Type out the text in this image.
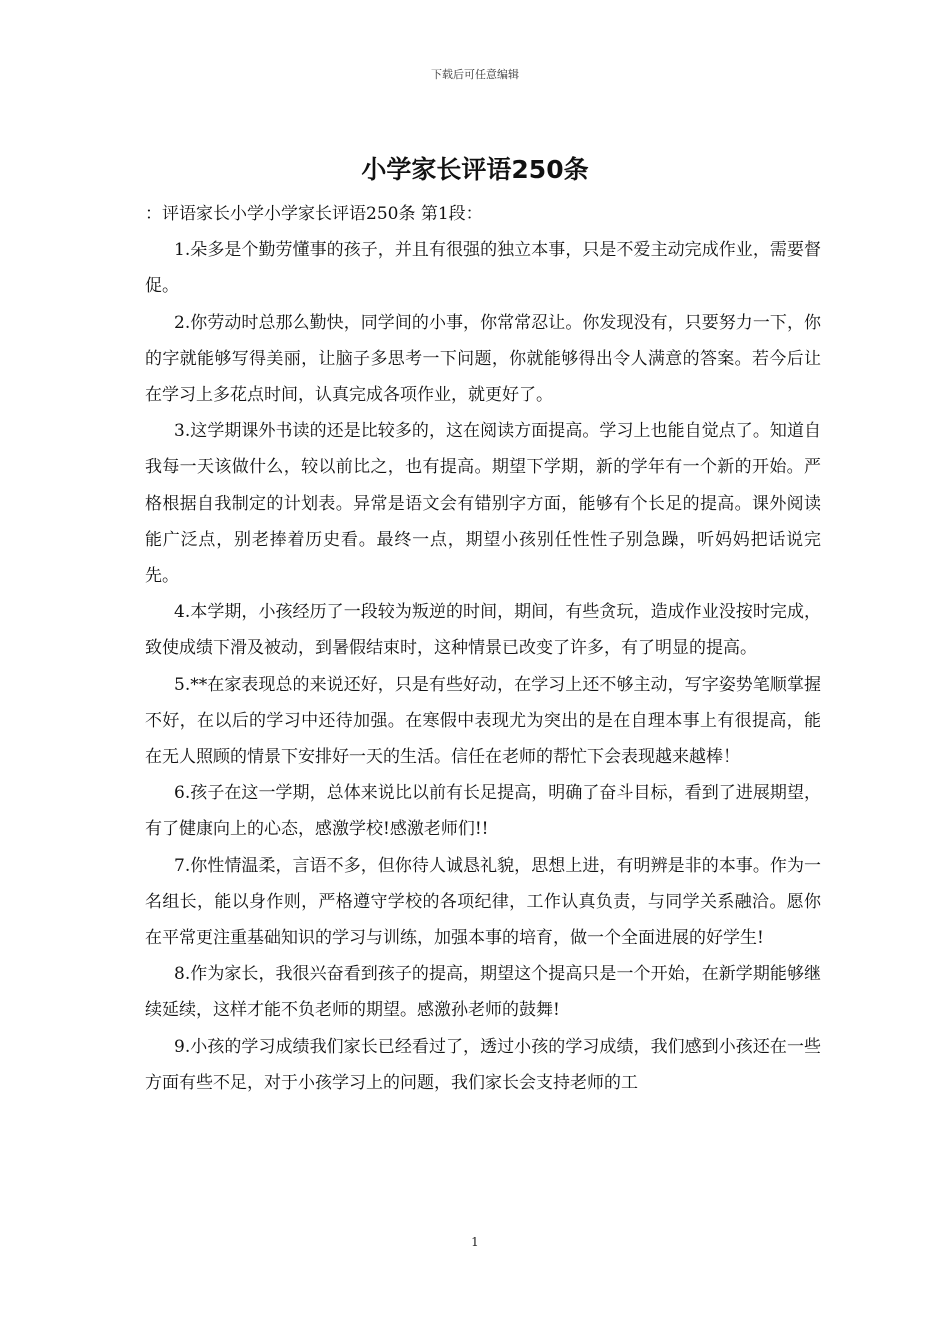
下载后可任意编辑
小学家长评语250条

：评语家长小学小学家长评语250条 第1段：

1.朵多是个勤劳懂事的孩子，并且有很强的独立本事，只是不爱主动完成作业，需要督促。

2.你劳动时总那么勤快，同学间的小事，你常常忍让。你发现没有，只要努力一下，你的字就能够写得美丽，让脑子多思考一下问题，你就能够得出令人满意的答案。若今后让在学习上多花点时间，认真完成各项作业，就更好了。

3.这学期课外书读的还是比较多的，这在阅读方面提高。学习上也能自觉点了。知道自我每一天该做什么，较以前比之，也有提高。期望下学期，新的学年有一个新的开始。严格根据自我制定的计划表。异常是语文会有错别字方面，能够有个长足的提高。课外阅读能广泛点，别老捧着历史看。最终一点，期望小孩别任性性子别急躁，听妈妈把话说完先。

4.本学期，小孩经历了一段较为叛逆的时间，期间，有些贪玩，造成作业没按时完成，致使成绩下滑及被动，到暑假结束时，这种情景已改变了许多，有了明显的提高。

5.**在家表现总的来说还好，只是有些好动，在学习上还不够主动，写字姿势笔顺掌握不好，在以后的学习中还待加强。在寒假中表现尤为突出的是在自理本事上有很提高，能在无人照顾的情景下安排好一天的生活。信任在老师的帮忙下会表现越来越棒！

6.孩子在这一学期，总体来说比以前有长足提高，明确了奋斗目标，看到了进展期望，有了健康向上的心态，感激学校!感激老师们!!

7.你性情温柔，言语不多，但你待人诚恳礼貌，思想上进，有明辨是非的本事。作为一名组长，能以身作则，严格遵守学校的各项纪律，工作认真负责，与同学关系融洽。愿你在平常更注重基础知识的学习与训练，加强本事的培育，做一个全面进展的好学生!

8.作为家长，我很兴奋看到孩子的提高，期望这个提高只是一个开始，在新学期能够继续延续，这样才能不负老师的期望。感激孙老师的鼓舞!

9.小孩的学习成绩我们家长已经看过了，透过小孩的学习成绩，我们感到小孩还在一些方面有些不足，对于小孩学习上的问题，我们家长会支持老师的工

1
